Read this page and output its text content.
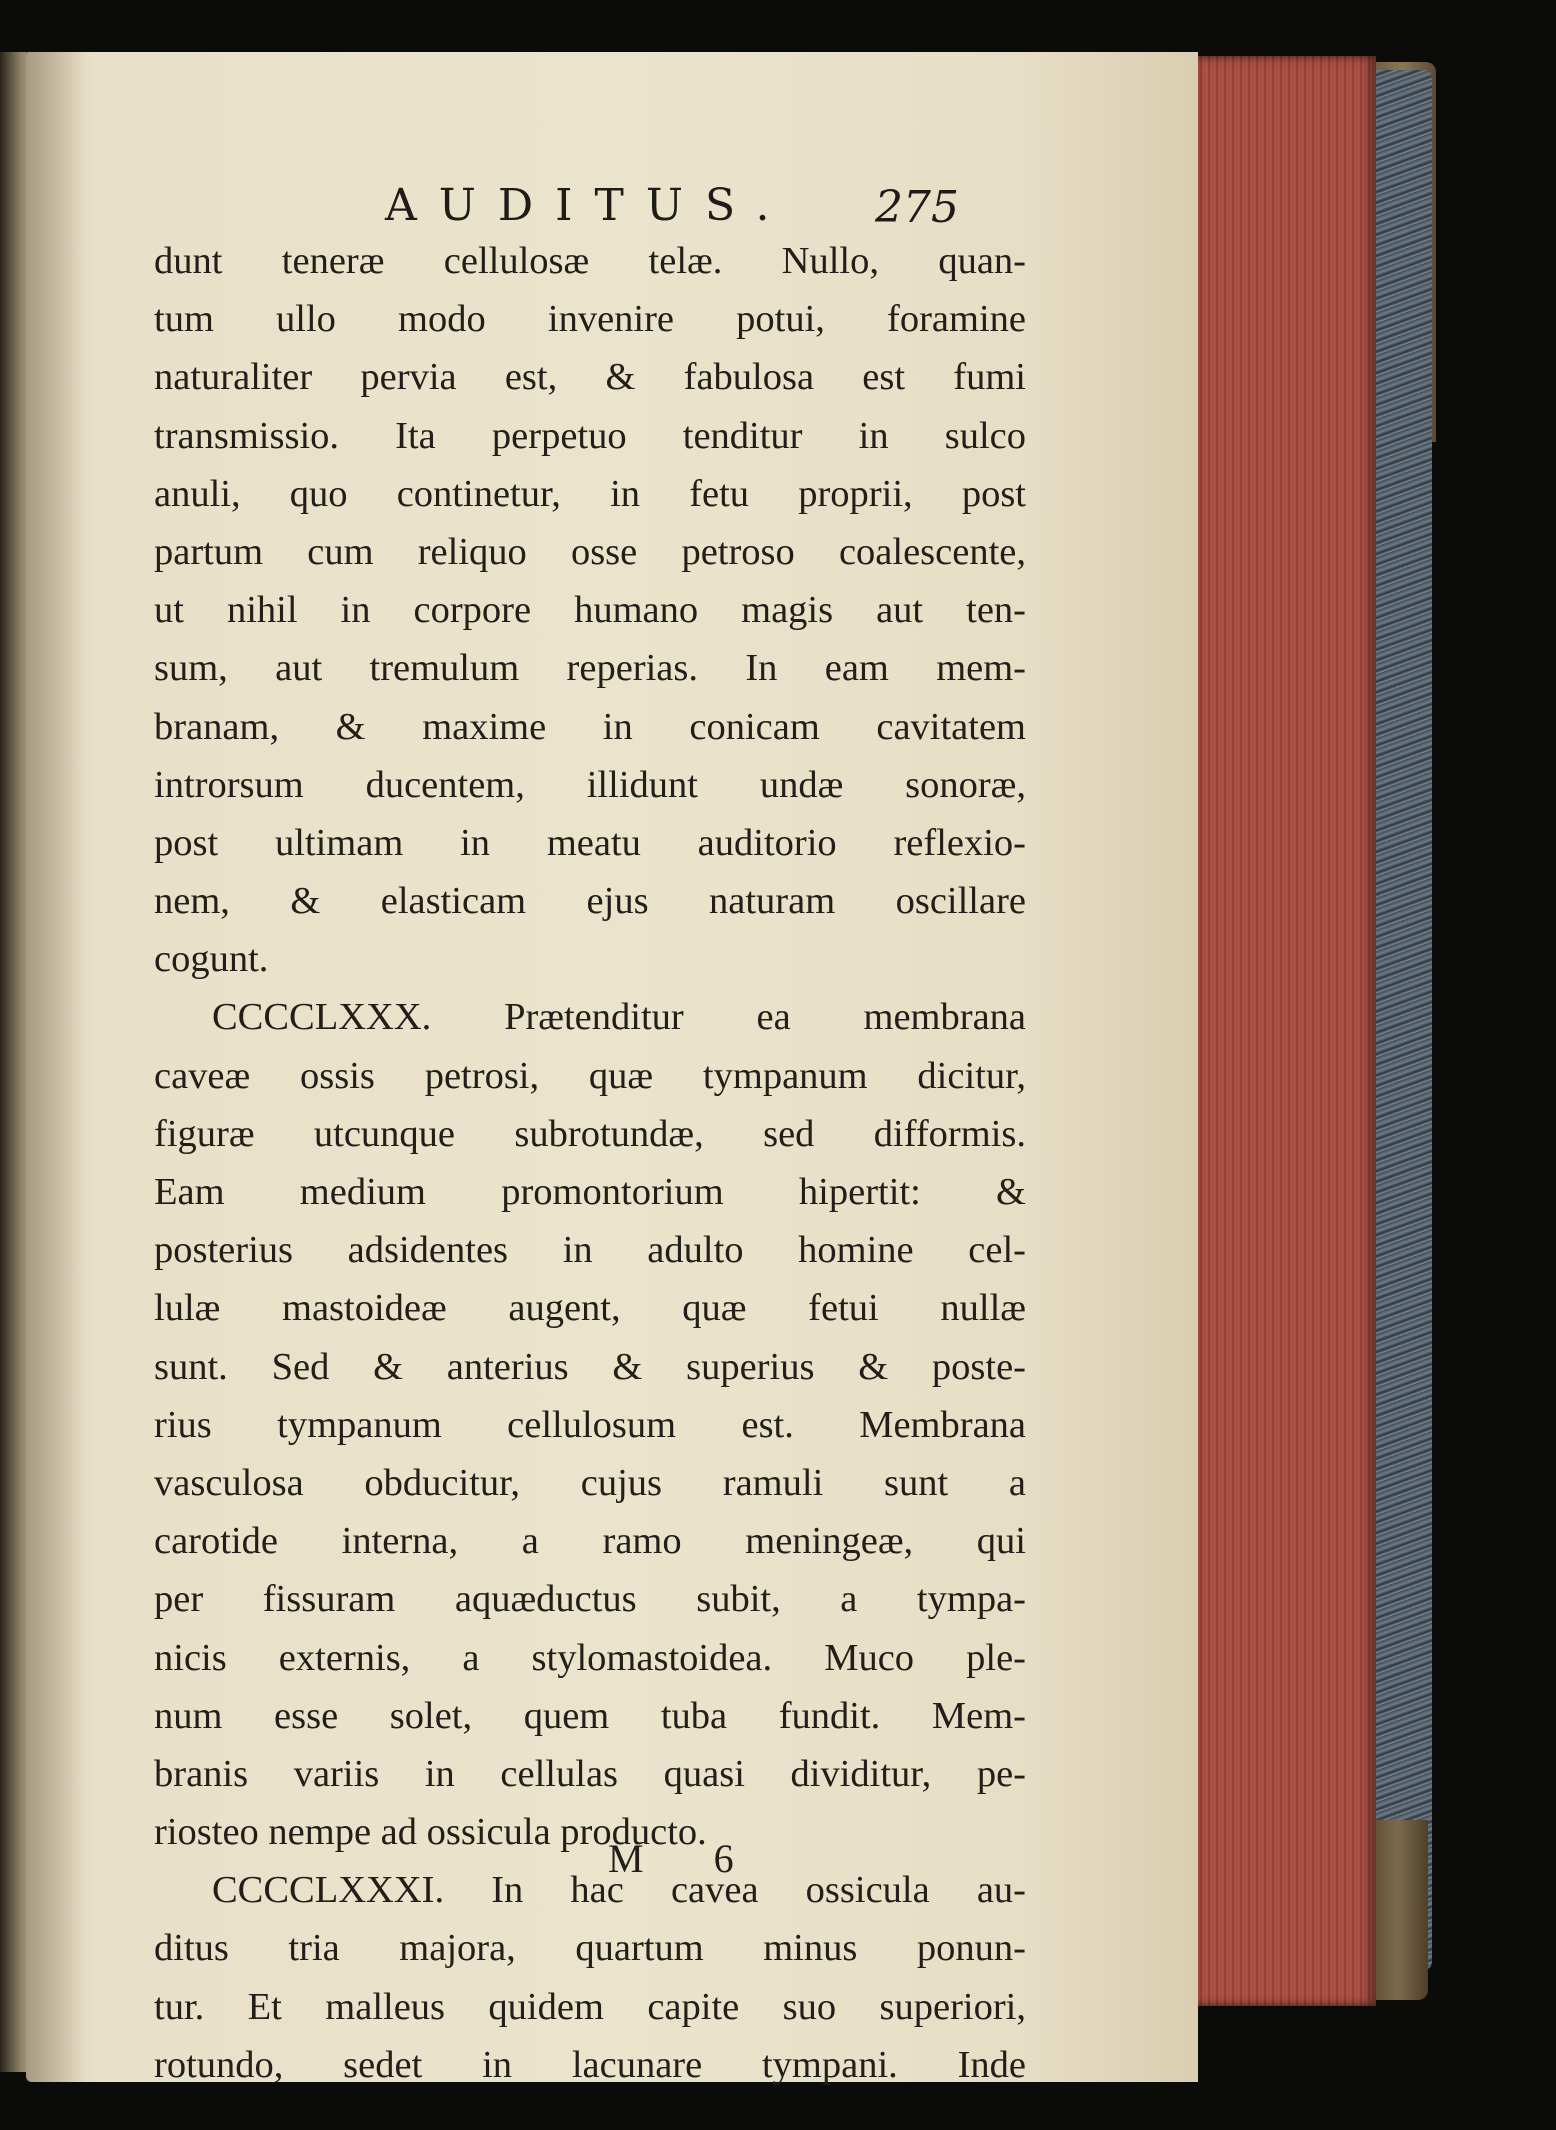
AUDITUS. 275
dunt teneræ cellulosæ telæ. Nullo, quan-
tum ullo modo invenire potui, foramine
naturaliter pervia est, & fabulosa est fumi
transmissio. Ita perpetuo tenditur in sulco
anuli, quo continetur, in fetu proprii, post
partum cum reliquo osse petroso coalescente,
ut nihil in corpore humano magis aut ten-
sum, aut tremulum reperias. In eam mem-
branam, & maxime in conicam cavitatem
introrsum ducentem, illidunt undæ sonoræ,
post ultimam in meatu auditorio reflexio-
nem, & elasticam ejus naturam oscillare
cogunt.
CCCCLXXX. Prætenditur ea membrana
caveæ ossis petrosi, quæ tympanum dicitur,
figuræ utcunque subrotundæ, sed difformis.
Eam medium promontorium hipertit: &
posterius adsidentes in adulto homine cel-
lulæ mastoideæ augent, quæ fetui nullæ
sunt. Sed & anterius & superius & poste-
rius tympanum cellulosum est. Membrana
vasculosa obducitur, cujus ramuli sunt a
carotide interna, a ramo meningeæ, qui
per fissuram aquæductus subit, a tympa-
nicis externis, a stylomastoidea. Muco ple-
num esse solet, quem tuba fundit. Mem-
branis variis in cellulas quasi dividitur, pe-
riosteo nempe ad ossicula producto.
CCCCLXXXI. In hac cavea ossicula au-
ditus tria majora, quartum minus ponun-
tur. Et malleus quidem capite suo superiori,
rotundo, sedet in lacunare tympani. Inde
M 6
